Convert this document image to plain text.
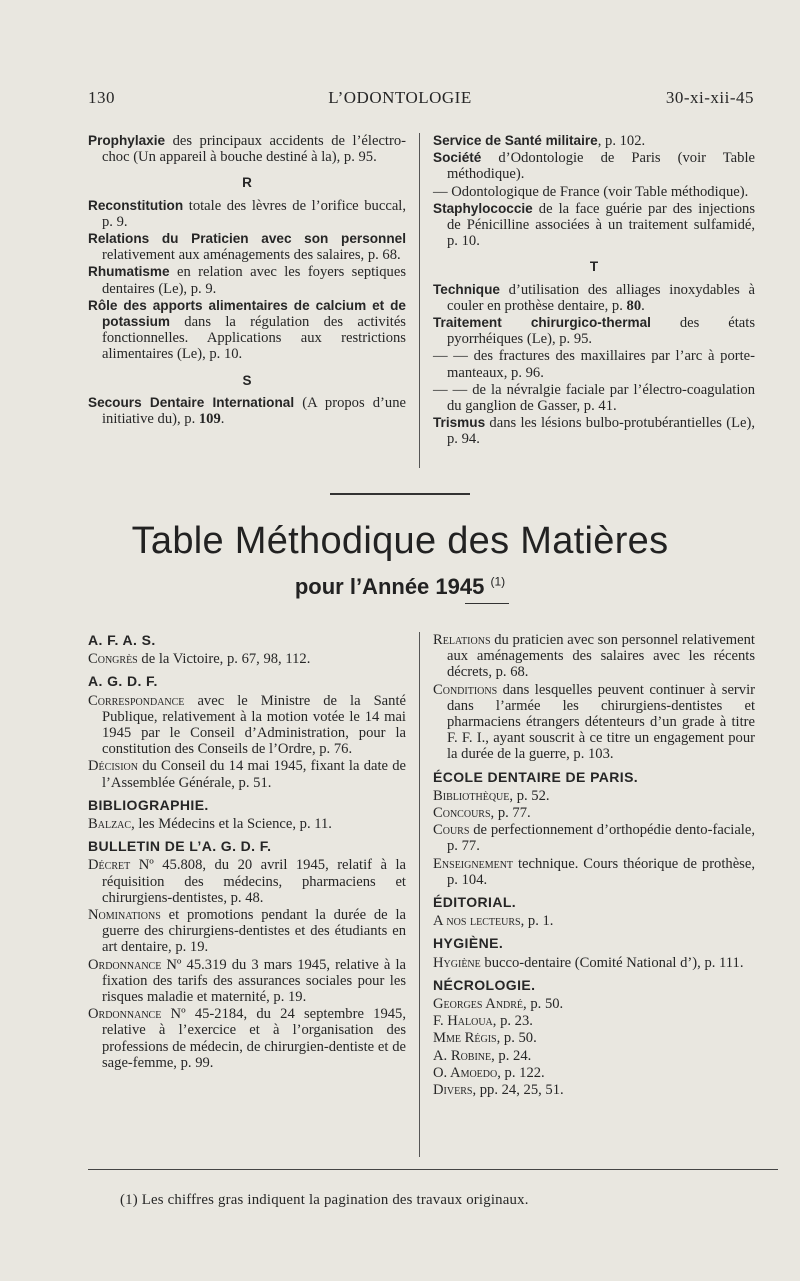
130	L’ODONTOLOGIE	30-xi-xii-45
Prophylaxie des principaux accidents de l’électro-choc (Un appareil à bouche destiné à la), p. 95.
R
Reconstitution totale des lèvres de l’orifice buccal, p. 9.
Relations du Praticien avec son personnel relativement aux aménagements des salaires, p. 68.
Rhumatisme en relation avec les foyers septiques dentaires (Le), p. 9.
Rôle des apports alimentaires de calcium et de potassium dans la régulation des activités fonctionnelles. Applications aux restrictions alimentaires (Le), p. 10.
S
Secours Dentaire International (A propos d’une initiative du), p. 109.
Service de Santé militaire, p. 102.
Société d’Odontologie de Paris (voir Table méthodique).
— Odontologique de France (voir Table méthodique).
Staphylococcie de la face guérie par des injections de Pénicilline associées à un traitement sulfamidé, p. 10.
T
Technique d’utilisation des alliages inoxydables à couler en prothèse dentaire, p. 80.
Traitement chirurgico-thermal des états pyorrhéiques (Le), p. 95.
— — des fractures des maxillaires par l’arc à porte-manteaux, p. 96.
— — de la névralgie faciale par l’électro-coagulation du ganglion de Gasser, p. 41.
Trismus dans les lésions bulbo-protubérantielles (Le), p. 94.
Table Méthodique des Matières
pour l’Année 1945 $^{(1)}$
A. F. A. S.
Congrès de la Victoire, p. 67, 98, 112.
A. G. D. F.
Correspondance avec le Ministre de la Santé Publique, relativement à la motion votée le 14 mai 1945 par le Conseil d’Administration, pour la constitution des Conseils de l’Ordre, p. 76.
Décision du Conseil du 14 mai 1945, fixant la date de l’Assemblée Générale, p. 51.
BIBLIOGRAPHIE.
Balzac, les Médecins et la Science, p. 11.
BULLETIN DE L’A. G. D. F.
Décret Nº 45.808, du 20 avril 1945, relatif à la réquisition des médecins, pharmaciens et chirurgiens-dentistes, p. 48.
Nominations et promotions pendant la durée de la guerre des chirurgiens-dentistes et des étudiants en art dentaire, p. 19.
Ordonnance Nº 45.319 du 3 mars 1945, relative à la fixation des tarifs des assurances sociales pour les risques maladie et maternité, p. 19.
Ordonnance Nº 45-2184, du 24 septembre 1945, relative à l’exercice et à l’organisation des professions de médecin, de chirurgien-dentiste et de sage-femme, p. 99.
Relations du praticien avec son personnel relativement aux aménagements des salaires avec les récents décrets, p. 68.
Conditions dans lesquelles peuvent continuer à servir dans l’armée les chirurgiens-dentistes et pharmaciens étrangers détenteurs d’un grade à titre F. F. I., ayant souscrit à ce titre un engagement pour la durée de la guerre, p. 103.
ÉCOLE DENTAIRE DE PARIS.
Bibliothèque, p. 52.
Concours, p. 77.
Cours de perfectionnement d’orthopédie dento-faciale, p. 77.
Enseignement technique. Cours théorique de prothèse, p. 104.
ÉDITORIAL.
A nos lecteurs, p. 1.
HYGIÈNE.
Hygiène bucco-dentaire (Comité National d’), p. 111.
NÉCROLOGIE.
Georges André, p. 50.
F. Haloua, p. 23.
Mme Régis, p. 50.
A. Robine, p. 24.
O. Amoedo, p. 122.
Divers, pp. 24, 25, 51.
(1) Les chiffres gras indiquent la pagination des travaux originaux.
